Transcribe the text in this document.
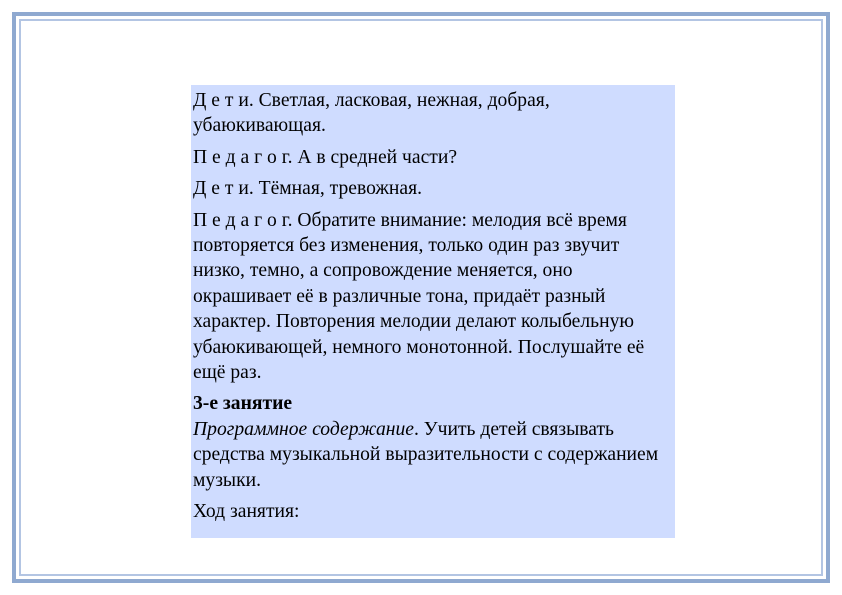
Д е т и. Светлая, ласковая, нежная, добрая, убаюкивающая.

П е д а г о г. А в средней части?

Д е т и. Тёмная, тревожная.

П е д а г о г. Обратите внимание: мелодия всё время повторяется без изменения, только один раз звучит низко, темно, а сопровождение меняется, оно окрашивает её в различные тона, придаёт разный характер. Повторения мелодии делают колыбельную убаюкивающей, немного монотонной. Послушайте её ещё раз.

3-е занятие

Программное содержание. Учить детей связывать средства музыкальной выразительности с содержанием музыки.

Ход занятия:
